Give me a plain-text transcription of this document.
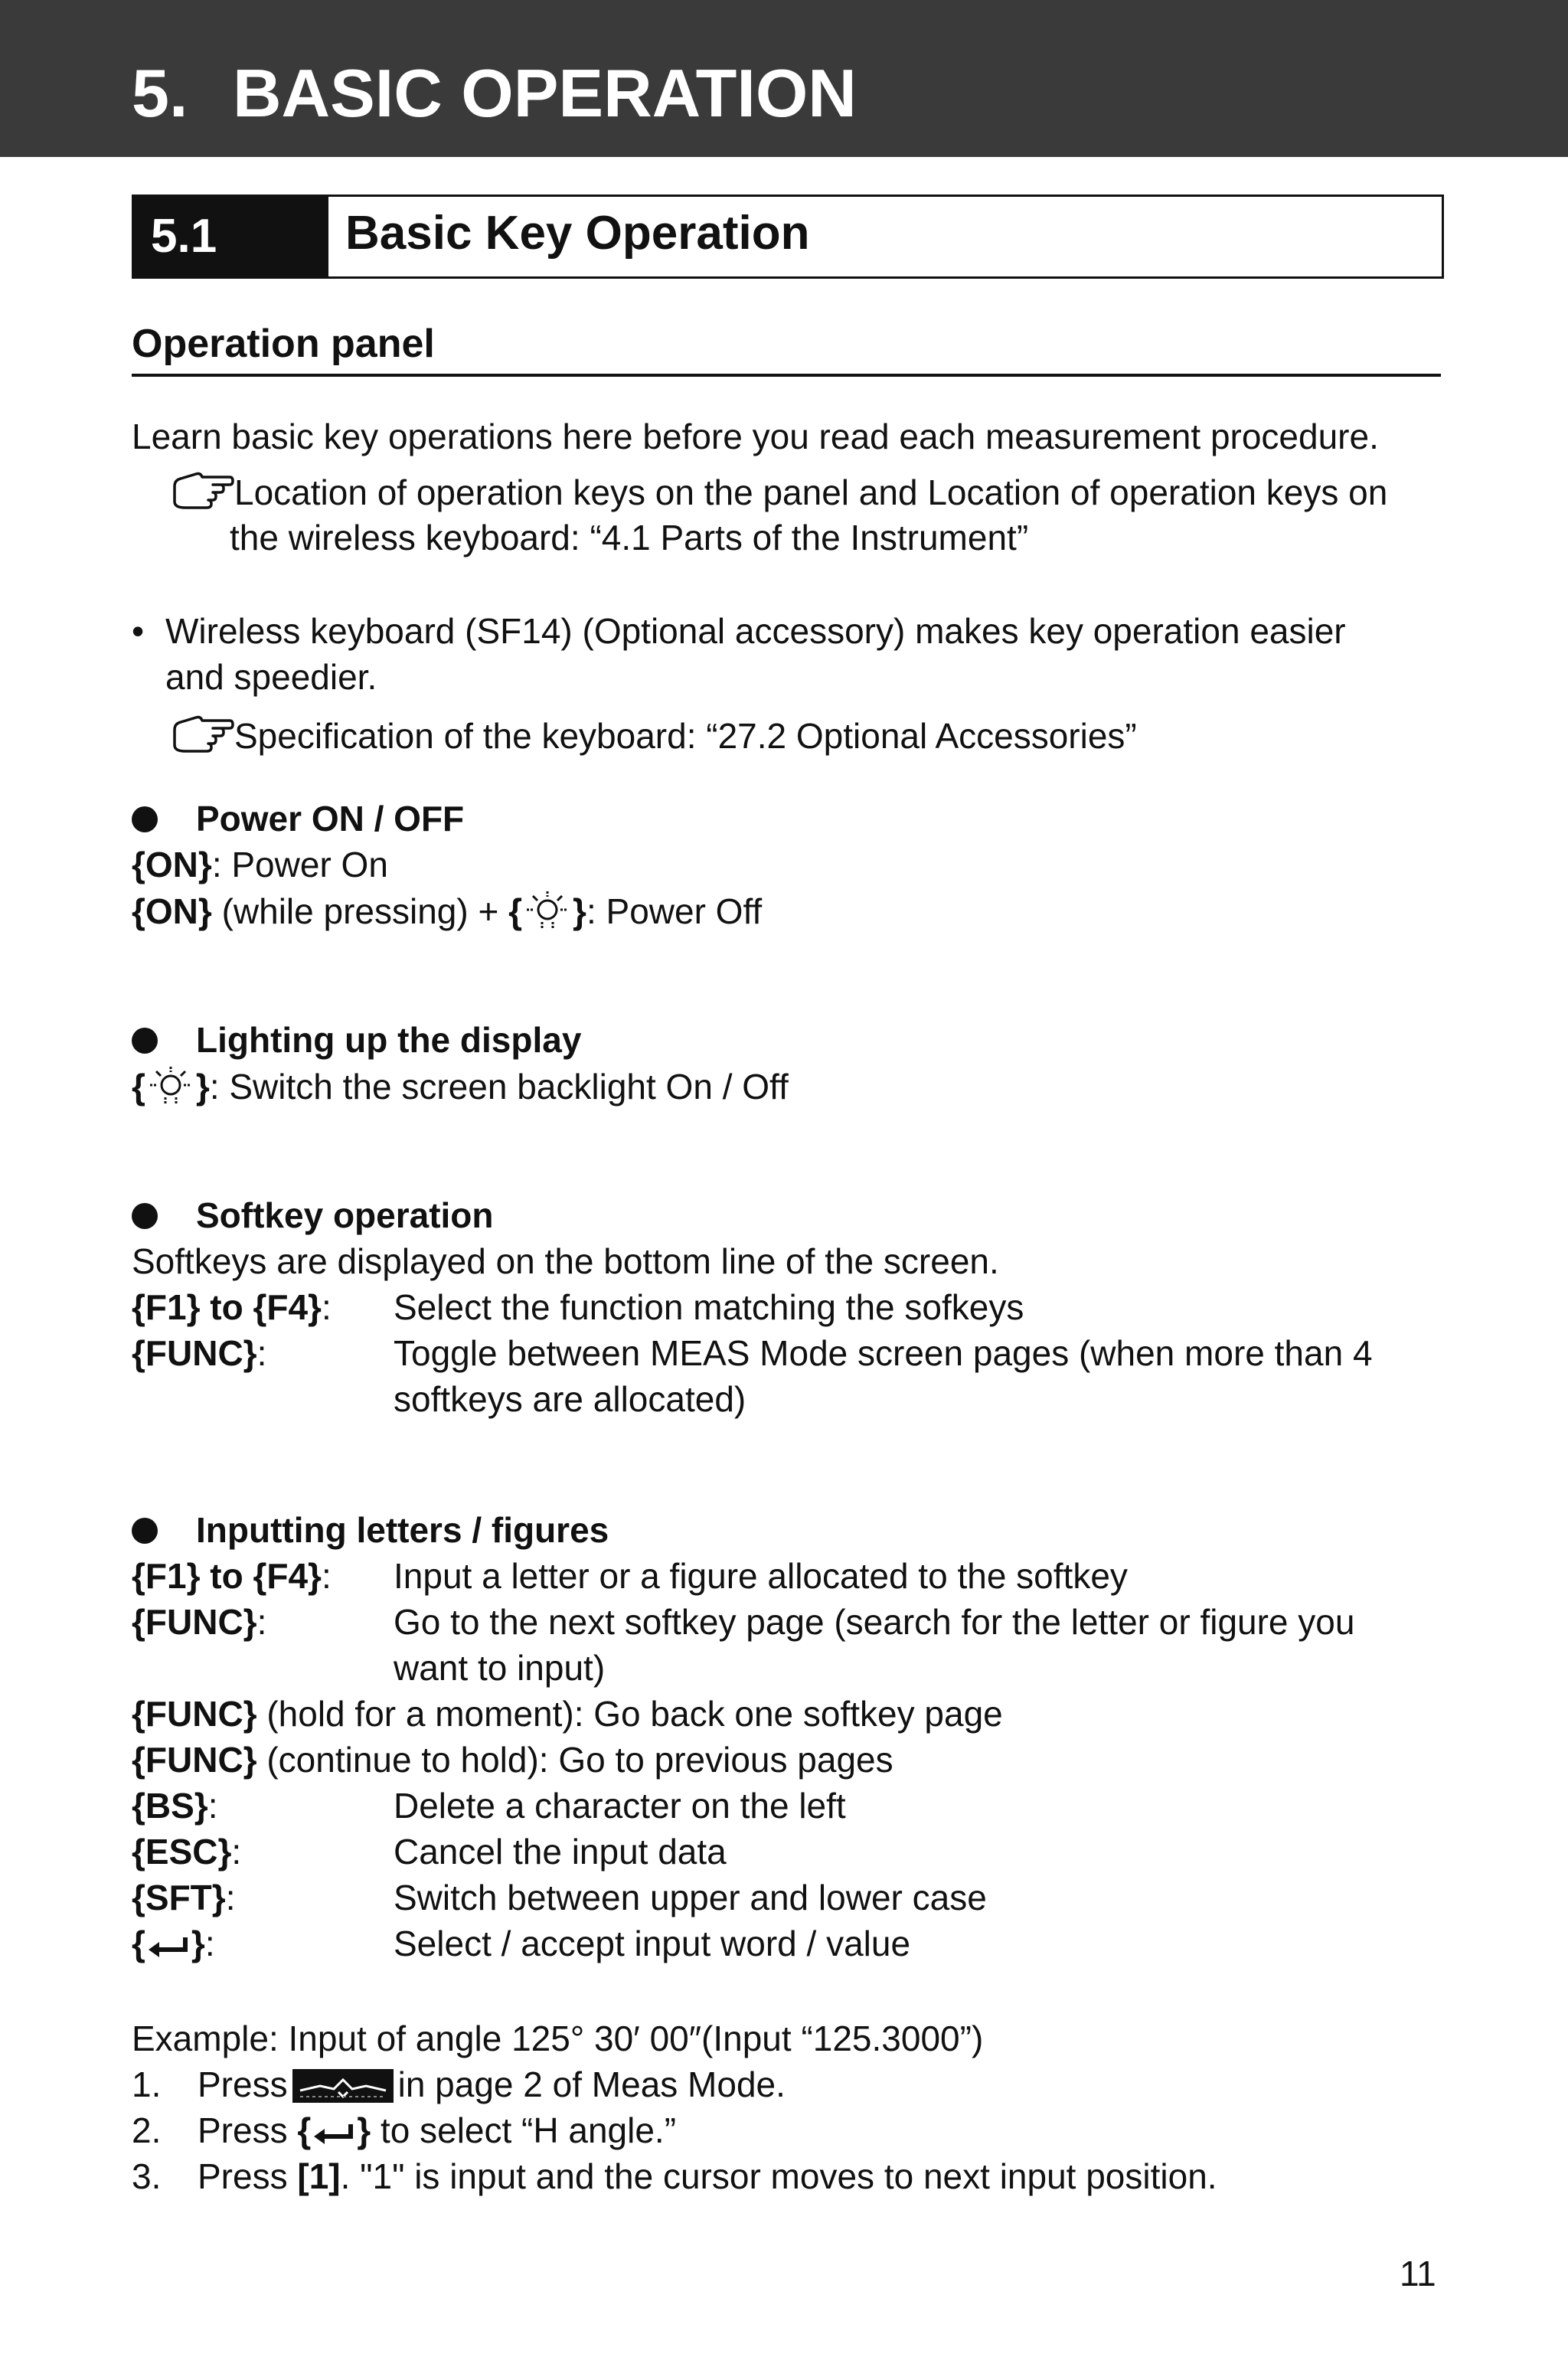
5. BASIC OPERATION
5.1	Basic Key Operation
Operation panel
Learn basic key operations here before you read each measurement procedure.
Location of operation keys on the panel and Location of operation keys on
the wireless keyboard: “4.1 Parts of the Instrument”
• Wireless keyboard (SF14) (Optional accessory) makes key operation easier
and speedier.
Specification of the keyboard: “27.2 Optional Accessories”
Power ON / OFF
{ON}: Power On
{ON} (while pressing) + { }: Power Off
Lighting up the display
{ }: Switch the screen backlight On / Off
Softkey operation
Softkeys are displayed on the bottom line of the screen.
{F1} to {F4}: Select the function matching the sofkeys
{FUNC}:	Toggle between MEAS Mode screen pages (when more than 4
softkeys are allocated)
Inputting letters / figures
{F1} to {F4}: Input a letter or a figure allocated to the softkey
{FUNC}:	Go to the next softkey page (search for the letter or figure you
want to input)
{FUNC} (hold for a moment): Go back one softkey page
{FUNC} (continue to hold): Go to previous pages
{BS}:	Delete a character on the left
{ESC}:	Cancel the input data
{SFT}:	Switch between upper and lower case
{ }:	Select / accept input word / value
Example: Input of angle 125° 30′ 00″(Input “125.3000”)
1. Press	in page 2 of Meas Mode.
2. Press { } to select “H angle.”
3. Press [1]. "1" is input and the cursor moves to next input position.
11
